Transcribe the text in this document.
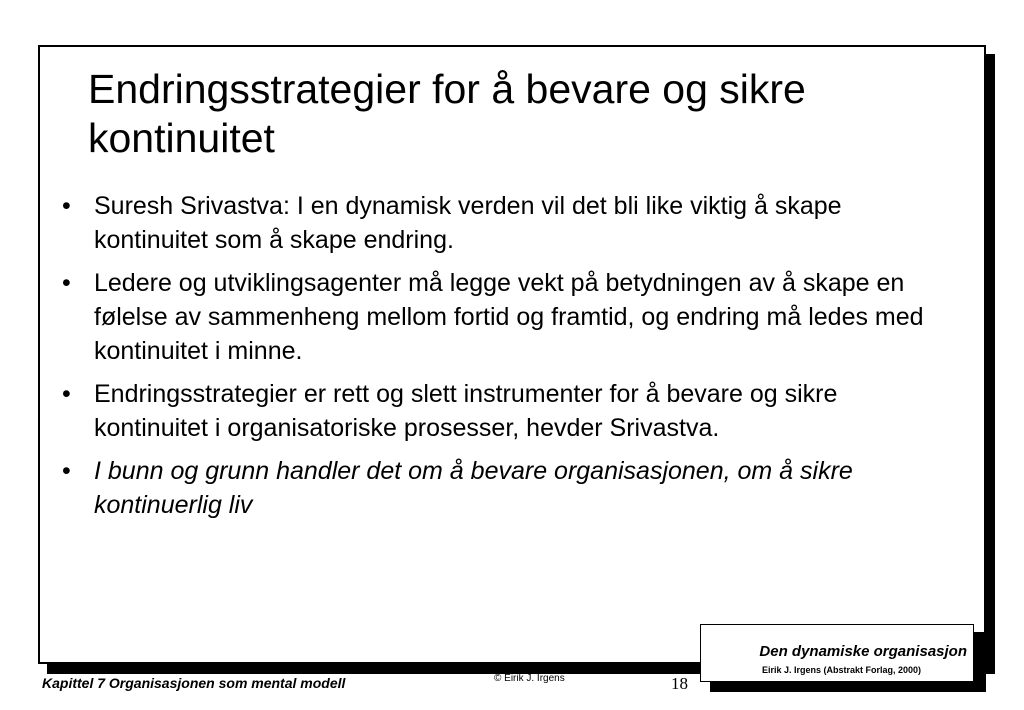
Endringsstrategier for å bevare og sikre kontinuitet
• Suresh Srivastva: I en dynamisk verden vil det bli like viktig å skape kontinuitet som å skape endring.
• Ledere og utviklingsagenter må legge vekt på betydningen av å skape en følelse av sammenheng mellom fortid og framtid, og endring må ledes med kontinuitet i minne.
• Endringsstrategier er rett og slett instrumenter for å bevare og sikre kontinuitet i organisatoriske prosesser, hevder Srivastva.
• I bunn og grunn handler det om å bevare organisasjonen, om å sikre kontinuerlig liv
Den dynamiske organisasjon
Eirik J. Irgens (Abstrakt Forlag, 2000)
Kapittel 7 Organisasjonen som mental modell	© Eirik J. Irgens	18
